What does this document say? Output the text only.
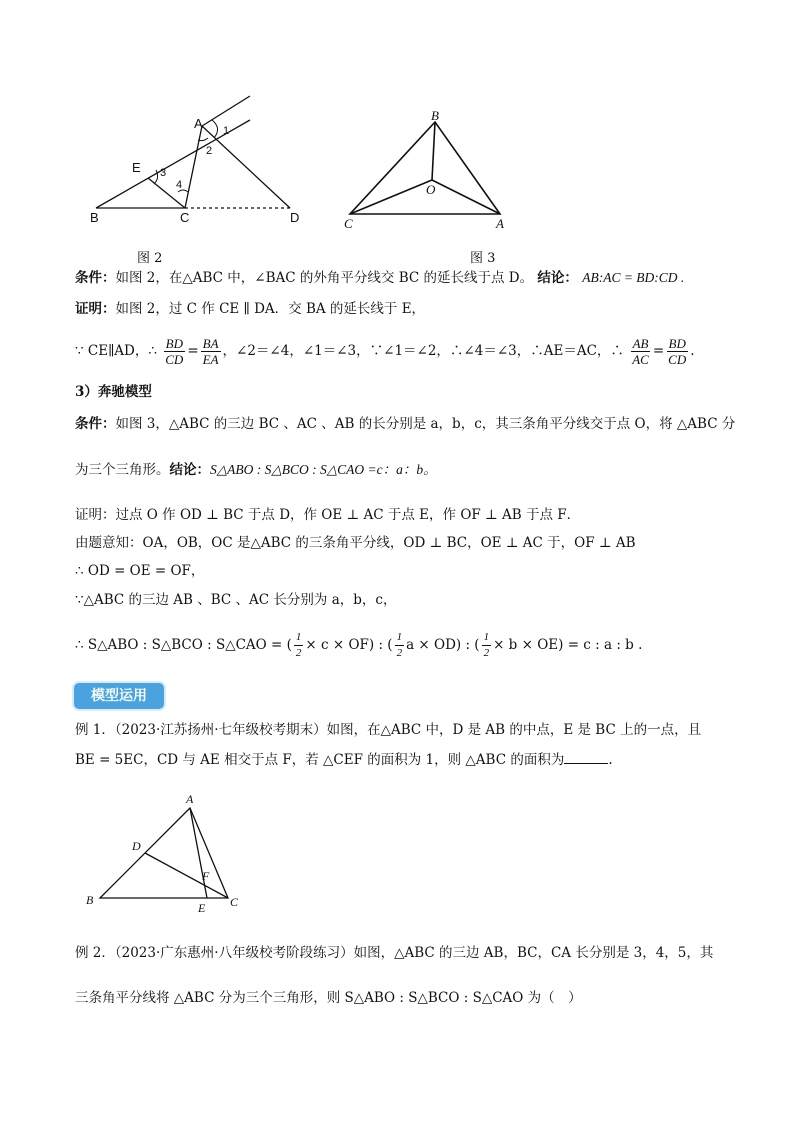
A
B	C	D
E
1
2
3
4
图 2
B
O
C	A
图 3
条件：如图 2，在△ABC 中，∠BAC 的外角平分线交 BC 的延长线于点 D。 结论： AB:AC = BD:CD .
证明：如图 2，过 C 作 CE ∥ DA．交 BA 的延长线于 E，
∵ CE∥AD，∴ $\frac{BD}{CD} = \frac{BA}{EA}$ ，∠2＝∠4，∠1＝∠3，∵∠1＝∠2，∴∠4＝∠3，∴AE＝AC，∴ $\frac{AB}{AC} = \frac{BD}{CD}$ .
3）奔驰模型
条件：如图 3，△ABC 的三边 BC 、AC 、AB 的长分别是 a，b，c，其三条角平分线交于点 O，将 △ABC 分
为三个三角形。结论：S△ABO : S△BCO : S△CAO =c：a：b。
证明：过点 O 作 OD ⊥ BC 于点 D，作 OE ⊥ AC 于点 E，作 OF ⊥ AB 于点 F．
由题意知：OA，OB，OC 是△ABC 的三条角平分线，OD ⊥ BC，OE ⊥ AC 于，OF ⊥ AB
∴ OD = OE = OF，
∵△ABC 的三边 AB 、BC 、AC 长分别为 a，b，c，
∴ S△ABO : S△BCO : S△CAO = ( $\frac{1}{2} \times c \times OF$) : ( $\frac{1}{2}$ a × OD) : ( $\frac{1}{2} \times b \times OE) = c$ : a : b .
模型运用
例 1．（2023·江苏扬州·七年级校考期末）如图，在△ABC 中，D 是 AB 的中点，E 是 BC 上的一点，且
BE = 5EC，CD 与 AE 相交于点 F，若 △CEF 的面积为 1，则 △ABC 的面积为	.
A
D
F
B
E C
例 2．（2023·广东惠州·八年级校考阶段练习）如图，△ABC 的三边 AB，BC，CA 长分别是 3，4，5，其
三条角平分线将 △ABC 分为三个三角形，则 S△ABO : S△BCO : S△CAO 为（　）
